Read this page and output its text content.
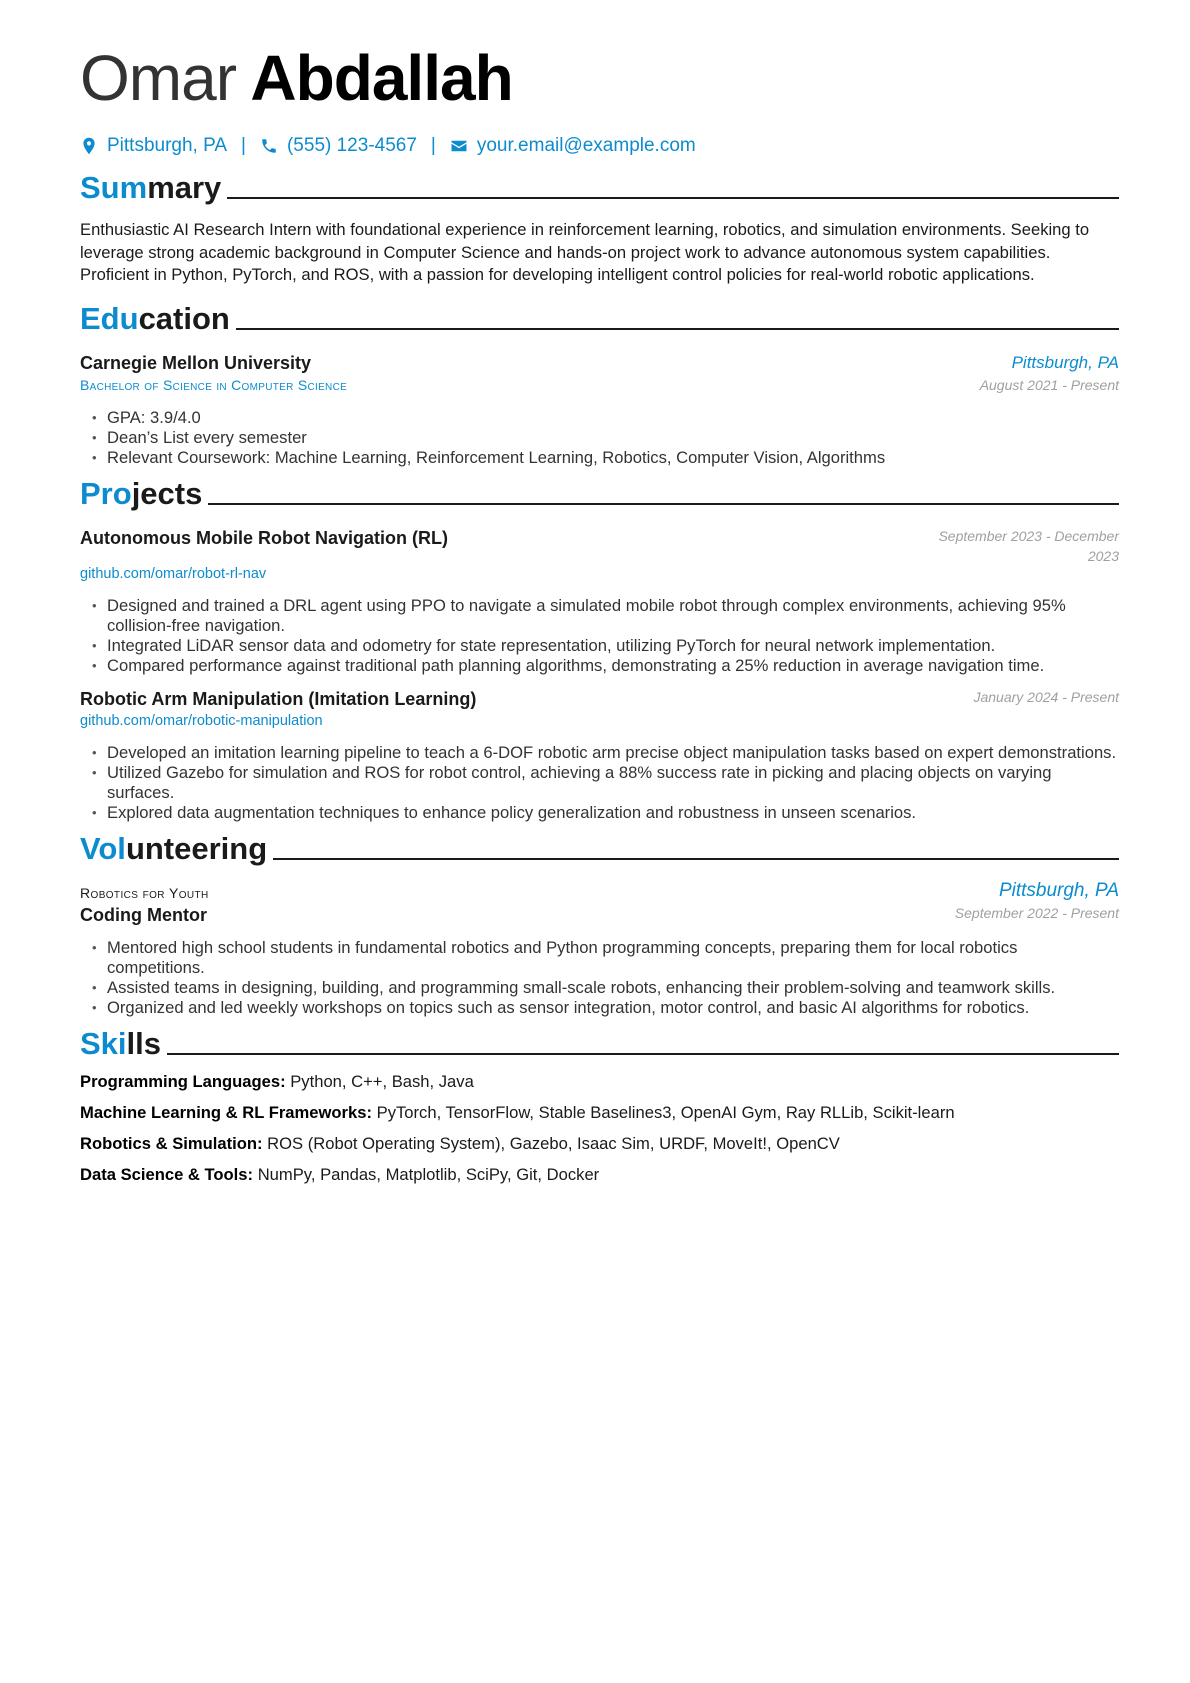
Omar Abdallah
Pittsburgh, PA | (555) 123-4567 | your.email@example.com
Summary
Enthusiastic AI Research Intern with foundational experience in reinforcement learning, robotics, and simulation environments. Seeking to leverage strong academic background in Computer Science and hands-on project work to advance autonomous system capabilities. Proficient in Python, PyTorch, and ROS, with a passion for developing intelligent control policies for real-world robotic applications.
Education
Carnegie Mellon University	Pittsburgh, PA
Bachelor of Science in Computer Science	August 2021 - Present
• GPA: 3.9/4.0
• Dean’s List every semester
• Relevant Coursework: Machine Learning, Reinforcement Learning, Robotics, Computer Vision, Algorithms
Projects
Autonomous Mobile Robot Navigation (RL)	September 2023 - December
2023
github.com/omar/robot-rl-nav
• Designed and trained a DRL agent using PPO to navigate a simulated mobile robot through complex environments, achieving 95% collision-free navigation.
• Integrated LiDAR sensor data and odometry for state representation, utilizing PyTorch for neural network implementation.
• Compared performance against traditional path planning algorithms, demonstrating a 25% reduction in average navigation time.
Robotic Arm Manipulation (Imitation Learning)	January 2024 - Present
github.com/omar/robotic-manipulation
• Developed an imitation learning pipeline to teach a 6-DOF robotic arm precise object manipulation tasks based on expert demonstrations.
• Utilized Gazebo for simulation and ROS for robot control, achieving a 88% success rate in picking and placing objects on varying surfaces.
• Explored data augmentation techniques to enhance policy generalization and robustness in unseen scenarios.
Volunteering
Robotics for Youth	Pittsburgh, PA
Coding Mentor	September 2022 - Present
• Mentored high school students in fundamental robotics and Python programming concepts, preparing them for local robotics competitions.
• Assisted teams in designing, building, and programming small-scale robots, enhancing their problem-solving and teamwork skills.
• Organized and led weekly workshops on topics such as sensor integration, motor control, and basic AI algorithms for robotics.
Skills
Programming Languages: Python, C++, Bash, Java
Machine Learning & RL Frameworks: PyTorch, TensorFlow, Stable Baselines3, OpenAI Gym, Ray RLLib, Scikit-learn
Robotics & Simulation: ROS (Robot Operating System), Gazebo, Isaac Sim, URDF, MoveIt!, OpenCV
Data Science & Tools: NumPy, Pandas, Matplotlib, SciPy, Git, Docker
